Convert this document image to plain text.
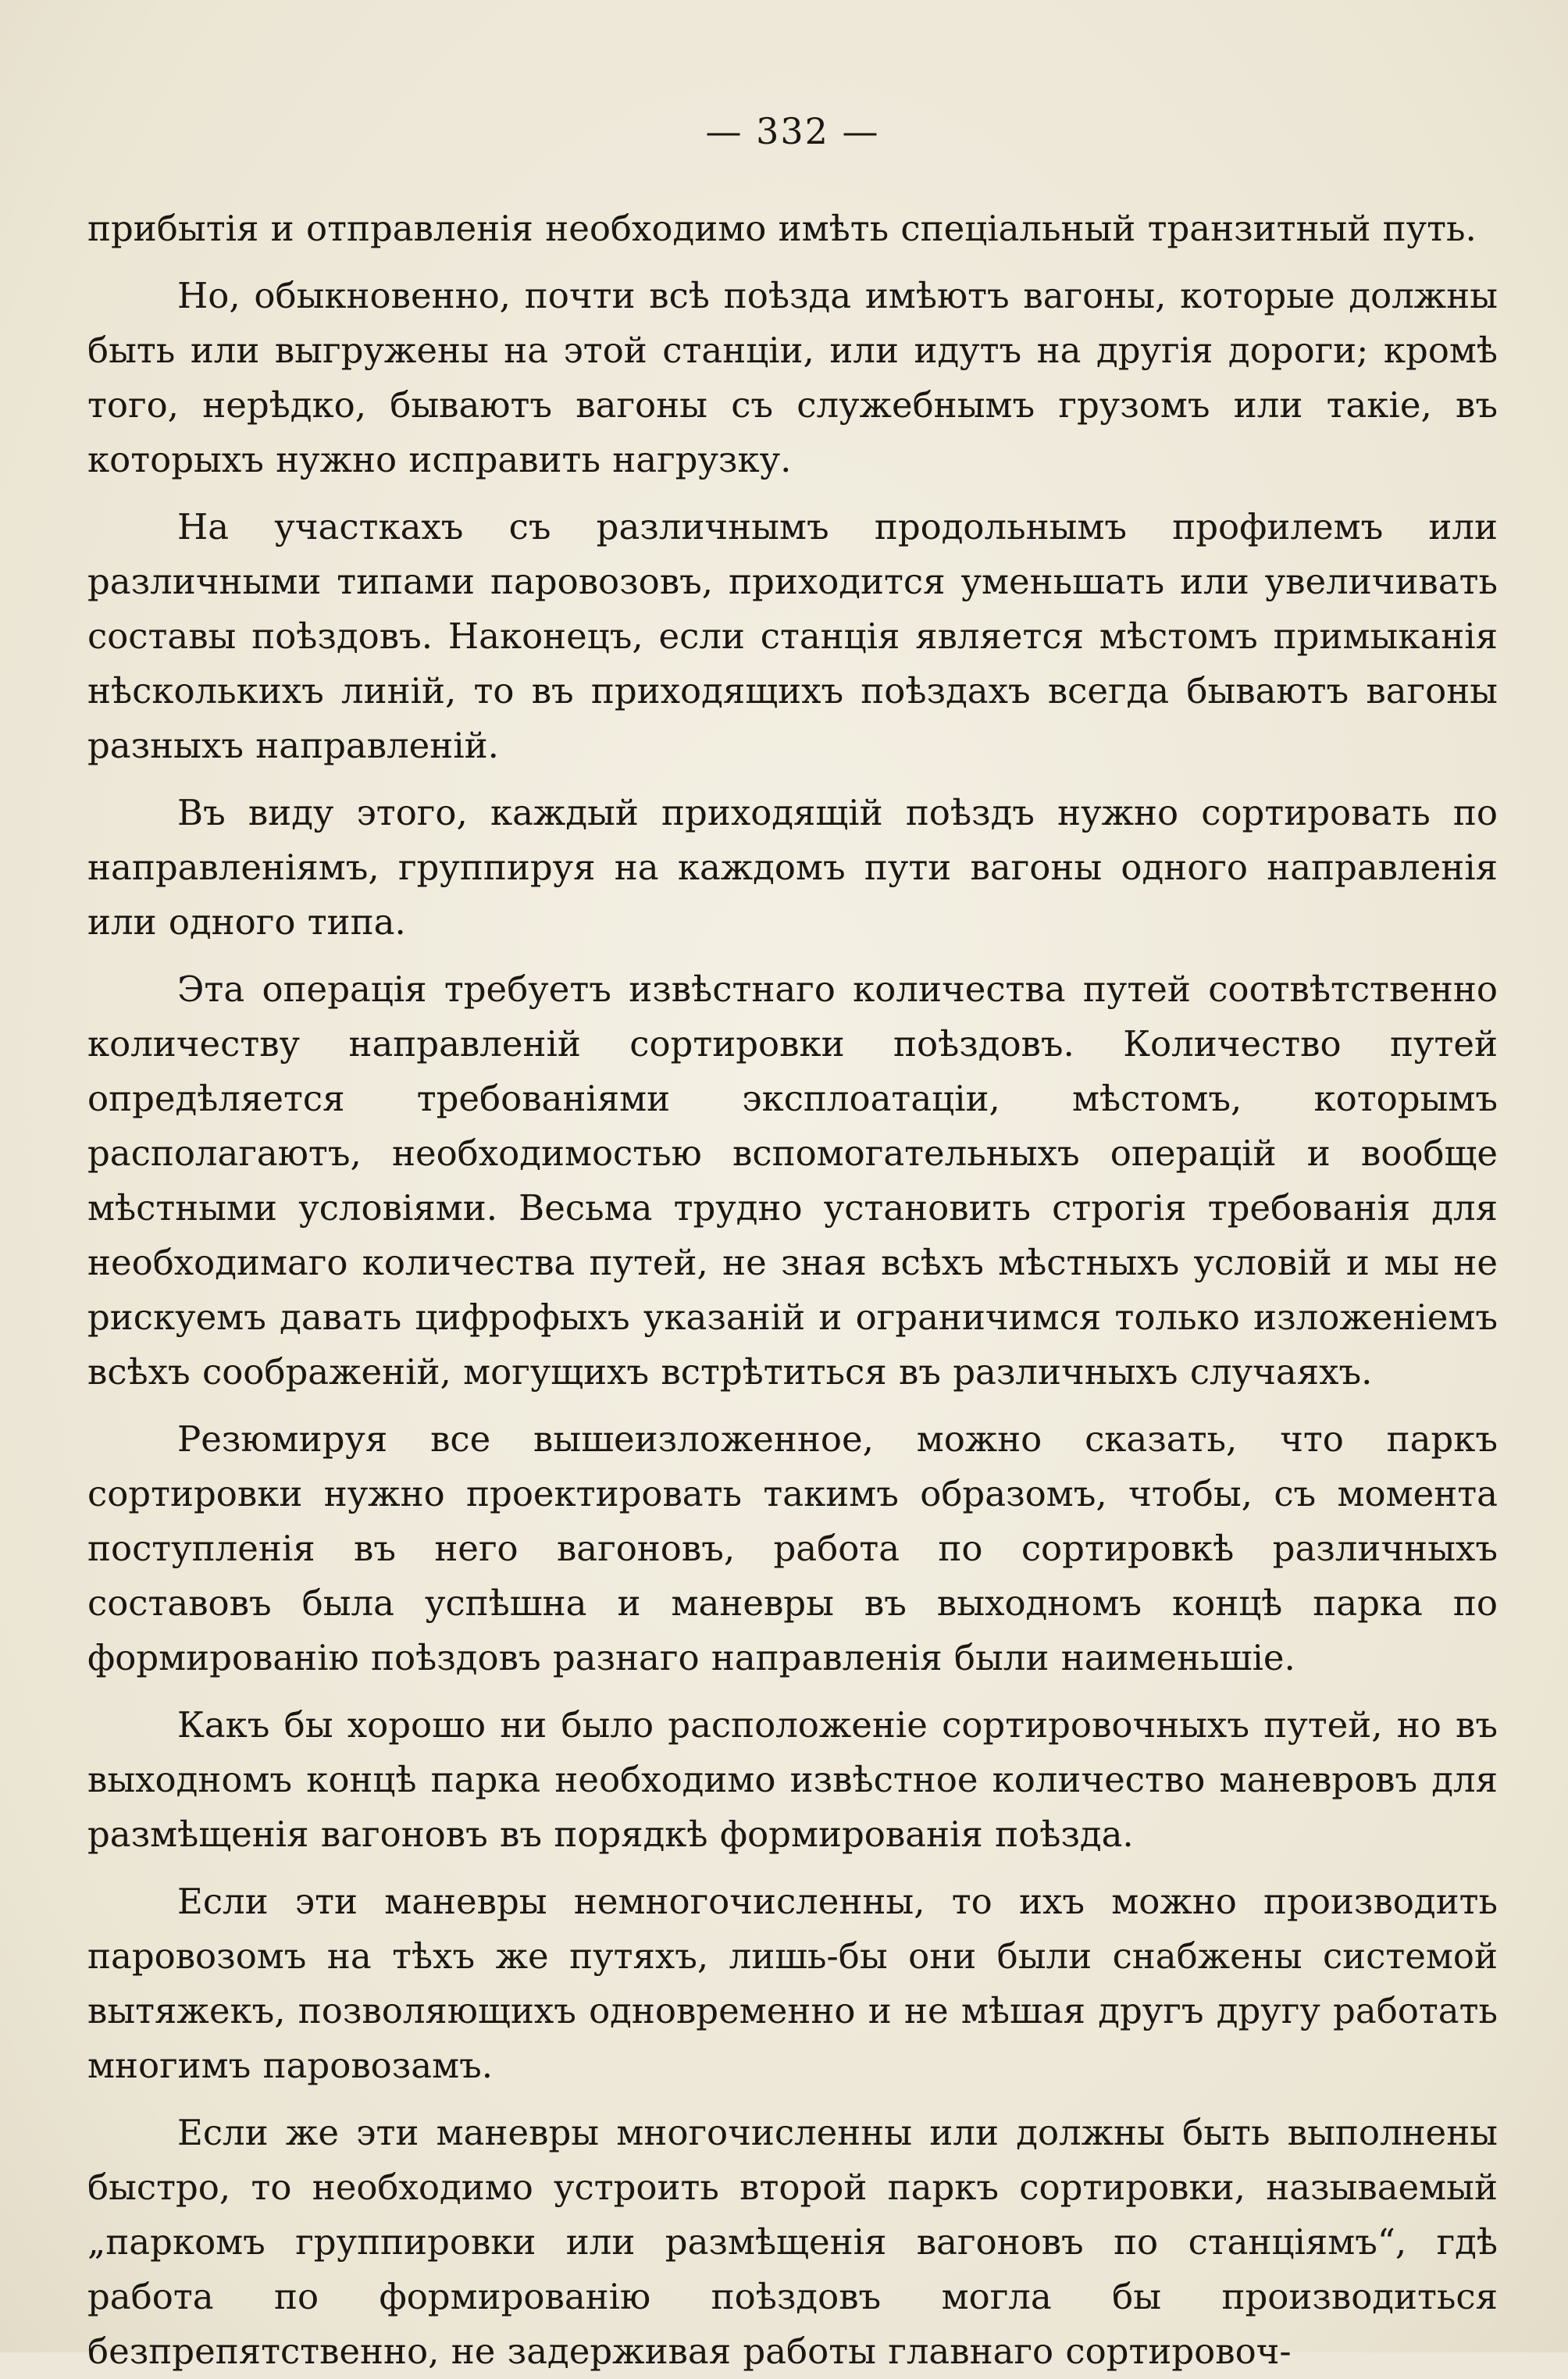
— 332 —

прибытія и отправленія необходимо имѣть спеціальный транзитный путь.

Но, обыкновенно, почти всѣ поѣзда имѣютъ вагоны, которые должны быть или выгружены на этой станціи, или идутъ на другія дороги; кромѣ того, нерѣдко, бываютъ вагоны съ служебнымъ грузомъ или такіе, въ которыхъ нужно исправить нагрузку.

На участкахъ съ различнымъ продольнымъ профилемъ или различными типами паровозовъ, приходится уменьшать или увеличивать составы поѣздовъ. Наконецъ, если станція является мѣстомъ примыканія нѣсколькихъ линій, то въ приходящихъ поѣздахъ всегда бываютъ вагоны разныхъ направленій.

Въ виду этого, каждый приходящій поѣздъ нужно сортировать по направленіямъ, группируя на каждомъ пути вагоны одного направленія или одного типа.

Эта операція требуетъ извѣстнаго количества путей соотвѣтственно количеству направленій сортировки поѣздовъ. Количество путей опредѣляется требованіями эксплоатаціи, мѣстомъ, которымъ располагаютъ, необходимостью вспомогательныхъ операцій и вообще мѣстными условіями. Весьма трудно установить строгія требованія для необходимаго количества путей, не зная всѣхъ мѣстныхъ условій и мы не рискуемъ давать цифрофыхъ указаній и ограничимся только изложеніемъ всѣхъ соображеній, могущихъ встрѣтиться въ различныхъ случаяхъ.

Резюмируя все вышеизложенное, можно сказать, что паркъ сортировки нужно проектировать такимъ образомъ, чтобы, съ момента поступленія въ него вагоновъ, работа по сортировкѣ различныхъ составовъ была успѣшна и маневры въ выходномъ концѣ парка по формированію поѣздовъ разнаго направленія были наименьшіе.

Какъ бы хорошо ни было расположеніе сортировочныхъ путей, но въ выходномъ концѣ парка необходимо извѣстное количество маневровъ для размѣщенія вагоновъ въ порядкѣ формированія поѣзда.

Если эти маневры немногочисленны, то ихъ можно производить паровозомъ на тѣхъ же путяхъ, лишь-бы они были снабжены системой вытяжекъ, позволяющихъ одновременно и не мѣшая другъ другу работать многимъ паровозамъ.

Если же эти маневры многочисленны или должны быть выполнены быстро, то необходимо устроить второй паркъ сортировки, называемый „паркомъ группировки или размѣщенія вагоновъ по станціямъ“, гдѣ работа по формированію поѣздовъ могла бы производиться безпрепятственно, не задерживая работы главнаго сортировоч-
